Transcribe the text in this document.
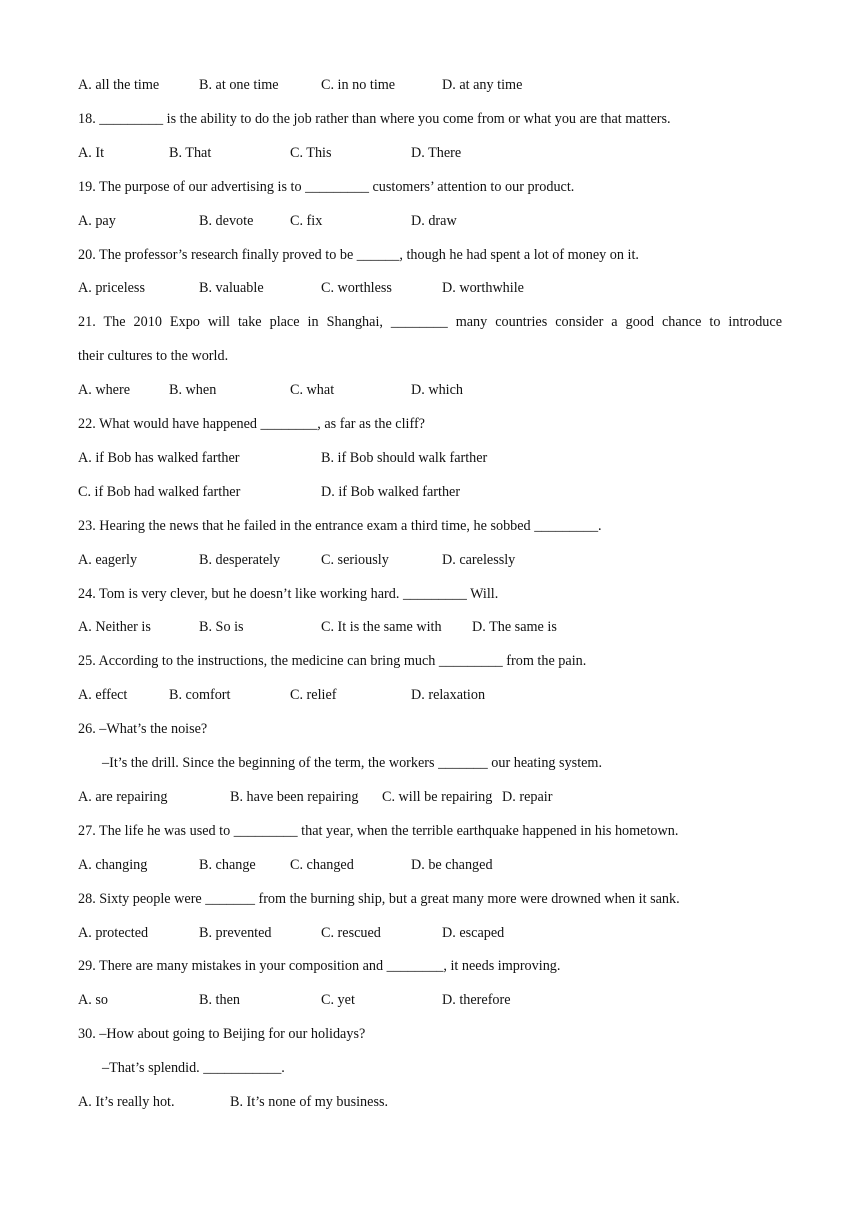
A. all the time	B. at one time	C. in no time	D. at any time
18. _________ is the ability to do the job rather than where you come from or what you are that matters.
A. It	B. That	C. This	D. There
19. The purpose of our advertising is to _________ customers’ attention to our product.
A. pay	B. devote	C. fix	D. draw
20. The professor’s research finally proved to be ______, though he had spent a lot of money on it.
A. priceless	B. valuable	C. worthless	D. worthwhile
21. The 2010 Expo will take place in Shanghai, ________ many countries consider a good chance to introduce
their cultures to the world.
A. where	B. when	C. what	D. which
22. What would have happened ________, as far as the cliff?
A. if Bob has walked farther	B. if Bob should walk farther
C. if Bob had walked farther	D. if Bob walked farther
23. Hearing the news that he failed in the entrance exam a third time, he sobbed _________.
A. eagerly	B. desperately	C. seriously	D. carelessly
24. Tom is very clever, but he doesn’t like working hard. _________ Will.
A. Neither is	B. So is	C. It is the same with D. The same is
25. According to the instructions, the medicine can bring much _________ from the pain.
A. effect	B. comfort	C. relief	D. relaxation
26. –What’s the noise?
–It’s the drill. Since the beginning of the term, the workers _______ our heating system.
A. are repairing	B. have been repairing C. will be repairing D. repair
27. The life he was used to _________ that year, when the terrible earthquake happened in his hometown.
A. changing	B. change C. changed	D. be changed
28. Sixty people were _______ from the burning ship, but a great many more were drowned when it sank.
A. protected	B. prevented	C. rescued	D. escaped
29. There are many mistakes in your composition and ________, it needs improving.
A. so	B. then	C. yet	D. therefore
30. –How about going to Beijing for our holidays?
–That’s splendid. ___________.
A. It’s really hot.	B. It’s none of my business.
